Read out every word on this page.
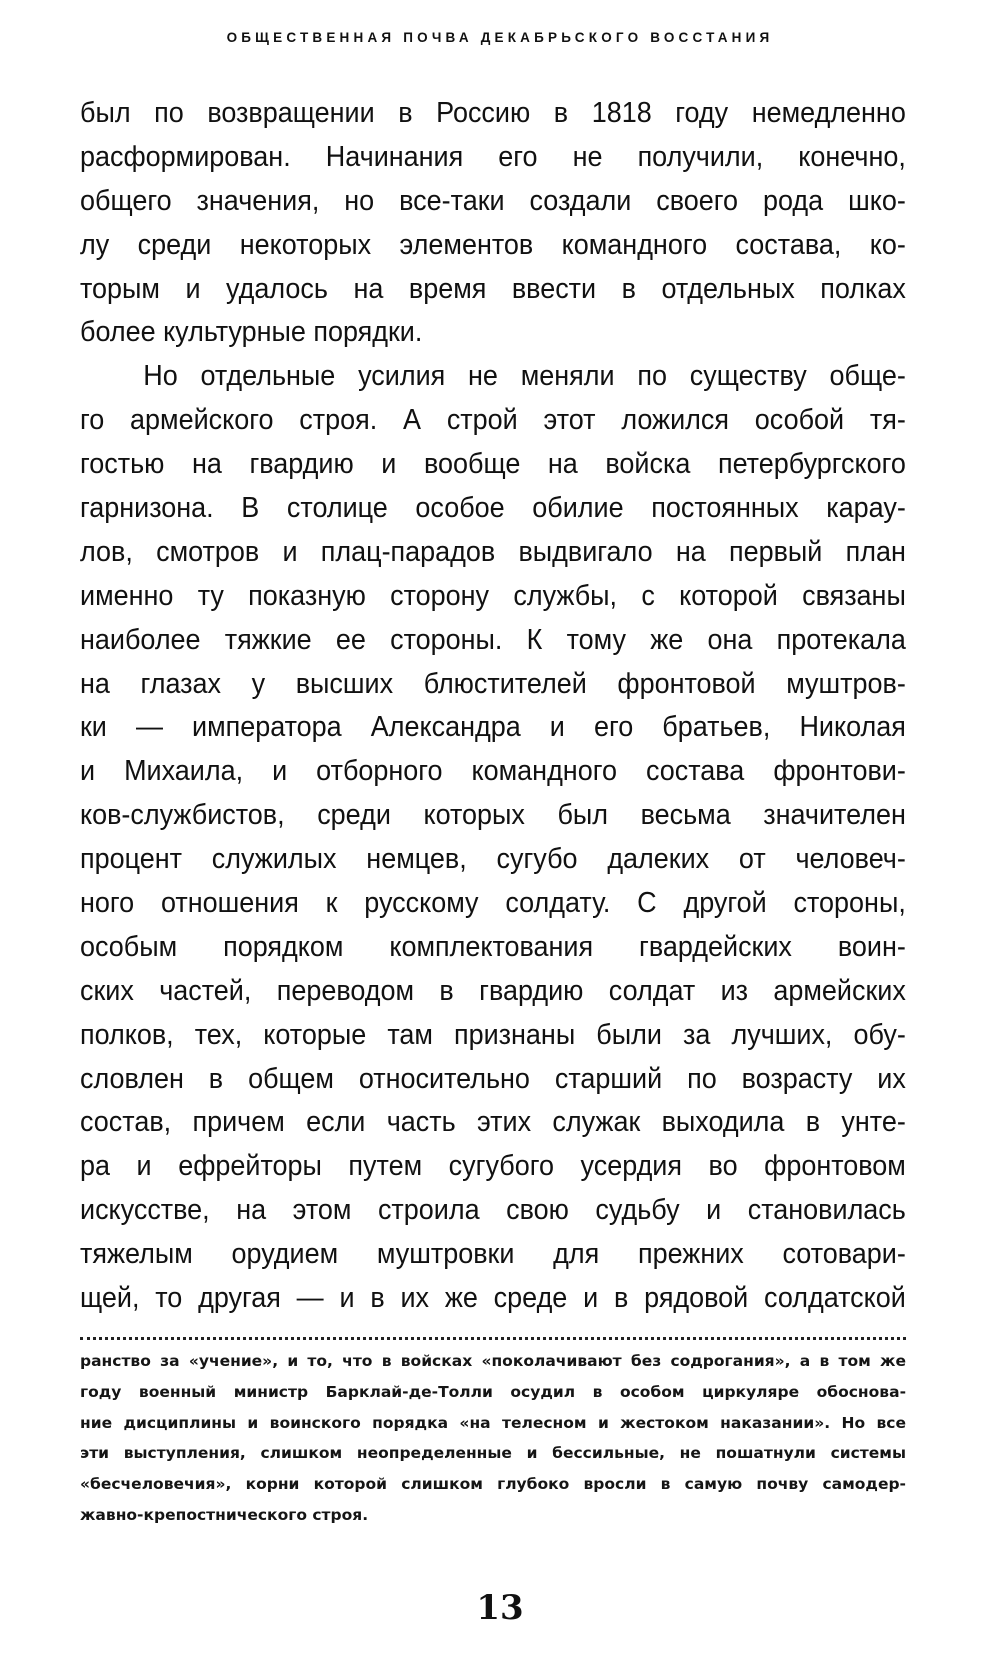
ОБЩЕСТВЕННАЯ ПОЧВА ДЕКАБРЬСКОГО ВОССТАНИЯ
был по возвращении в Россию в 1818 году немедленно
расформирован. Начинания его не получили, конечно,
общего значения, но все-таки создали своего рода шко-
лу среди некоторых элементов командного состава, ко-
торым и удалось на время ввести в отдельных полках
более культурные порядки.
Но отдельные усилия не меняли по существу обще-
го армейского строя. А строй этот ложился особой тя-
гостью на гвардию и вообще на войска петербургского
гарнизона. В столице особое обилие постоянных карау-
лов, смотров и плац-парадов выдвигало на первый план
именно ту показную сторону службы, с которой связаны
наиболее тяжкие ее стороны. К тому же она протекала
на глазах у высших блюстителей фронтовой муштров-
ки — императора Александра и его братьев, Николая
и Михаила, и отборного командного состава фронтови-
ков-службистов, среди которых был весьма значителен
процент служилых немцев, сугубо далеких от человеч-
ного отношения к русскому солдату. С другой стороны,
особым порядком комплектования гвардейских воин-
ских частей, переводом в гвардию солдат из армейских
полков, тех, которые там признаны были за лучших, обу-
словлен в общем относительно старший по возрасту их
состав, причем если часть этих служак выходила в унте-
ра и ефрейторы путем сугубого усердия во фронтовом
искусстве, на этом строила свою судьбу и становилась
тяжелым орудием муштровки для прежних сотовари-
щей, то другая — и в их же среде и в рядовой солдатской
ранство за «учение», и то, что в войсках «поколачивают без содрогания», а в том же
году военный министр Барклай-де-Толли осудил в особом циркуляре обоснова-
ние дисциплины и воинского порядка «на телесном и жестоком наказании». Но все
эти выступления, слишком неопределенные и бессильные, не пошатнули системы
«бесчеловечия», корни которой слишком глубоко вросли в самую почву самодер-
жавно-крепостнического строя.
13
